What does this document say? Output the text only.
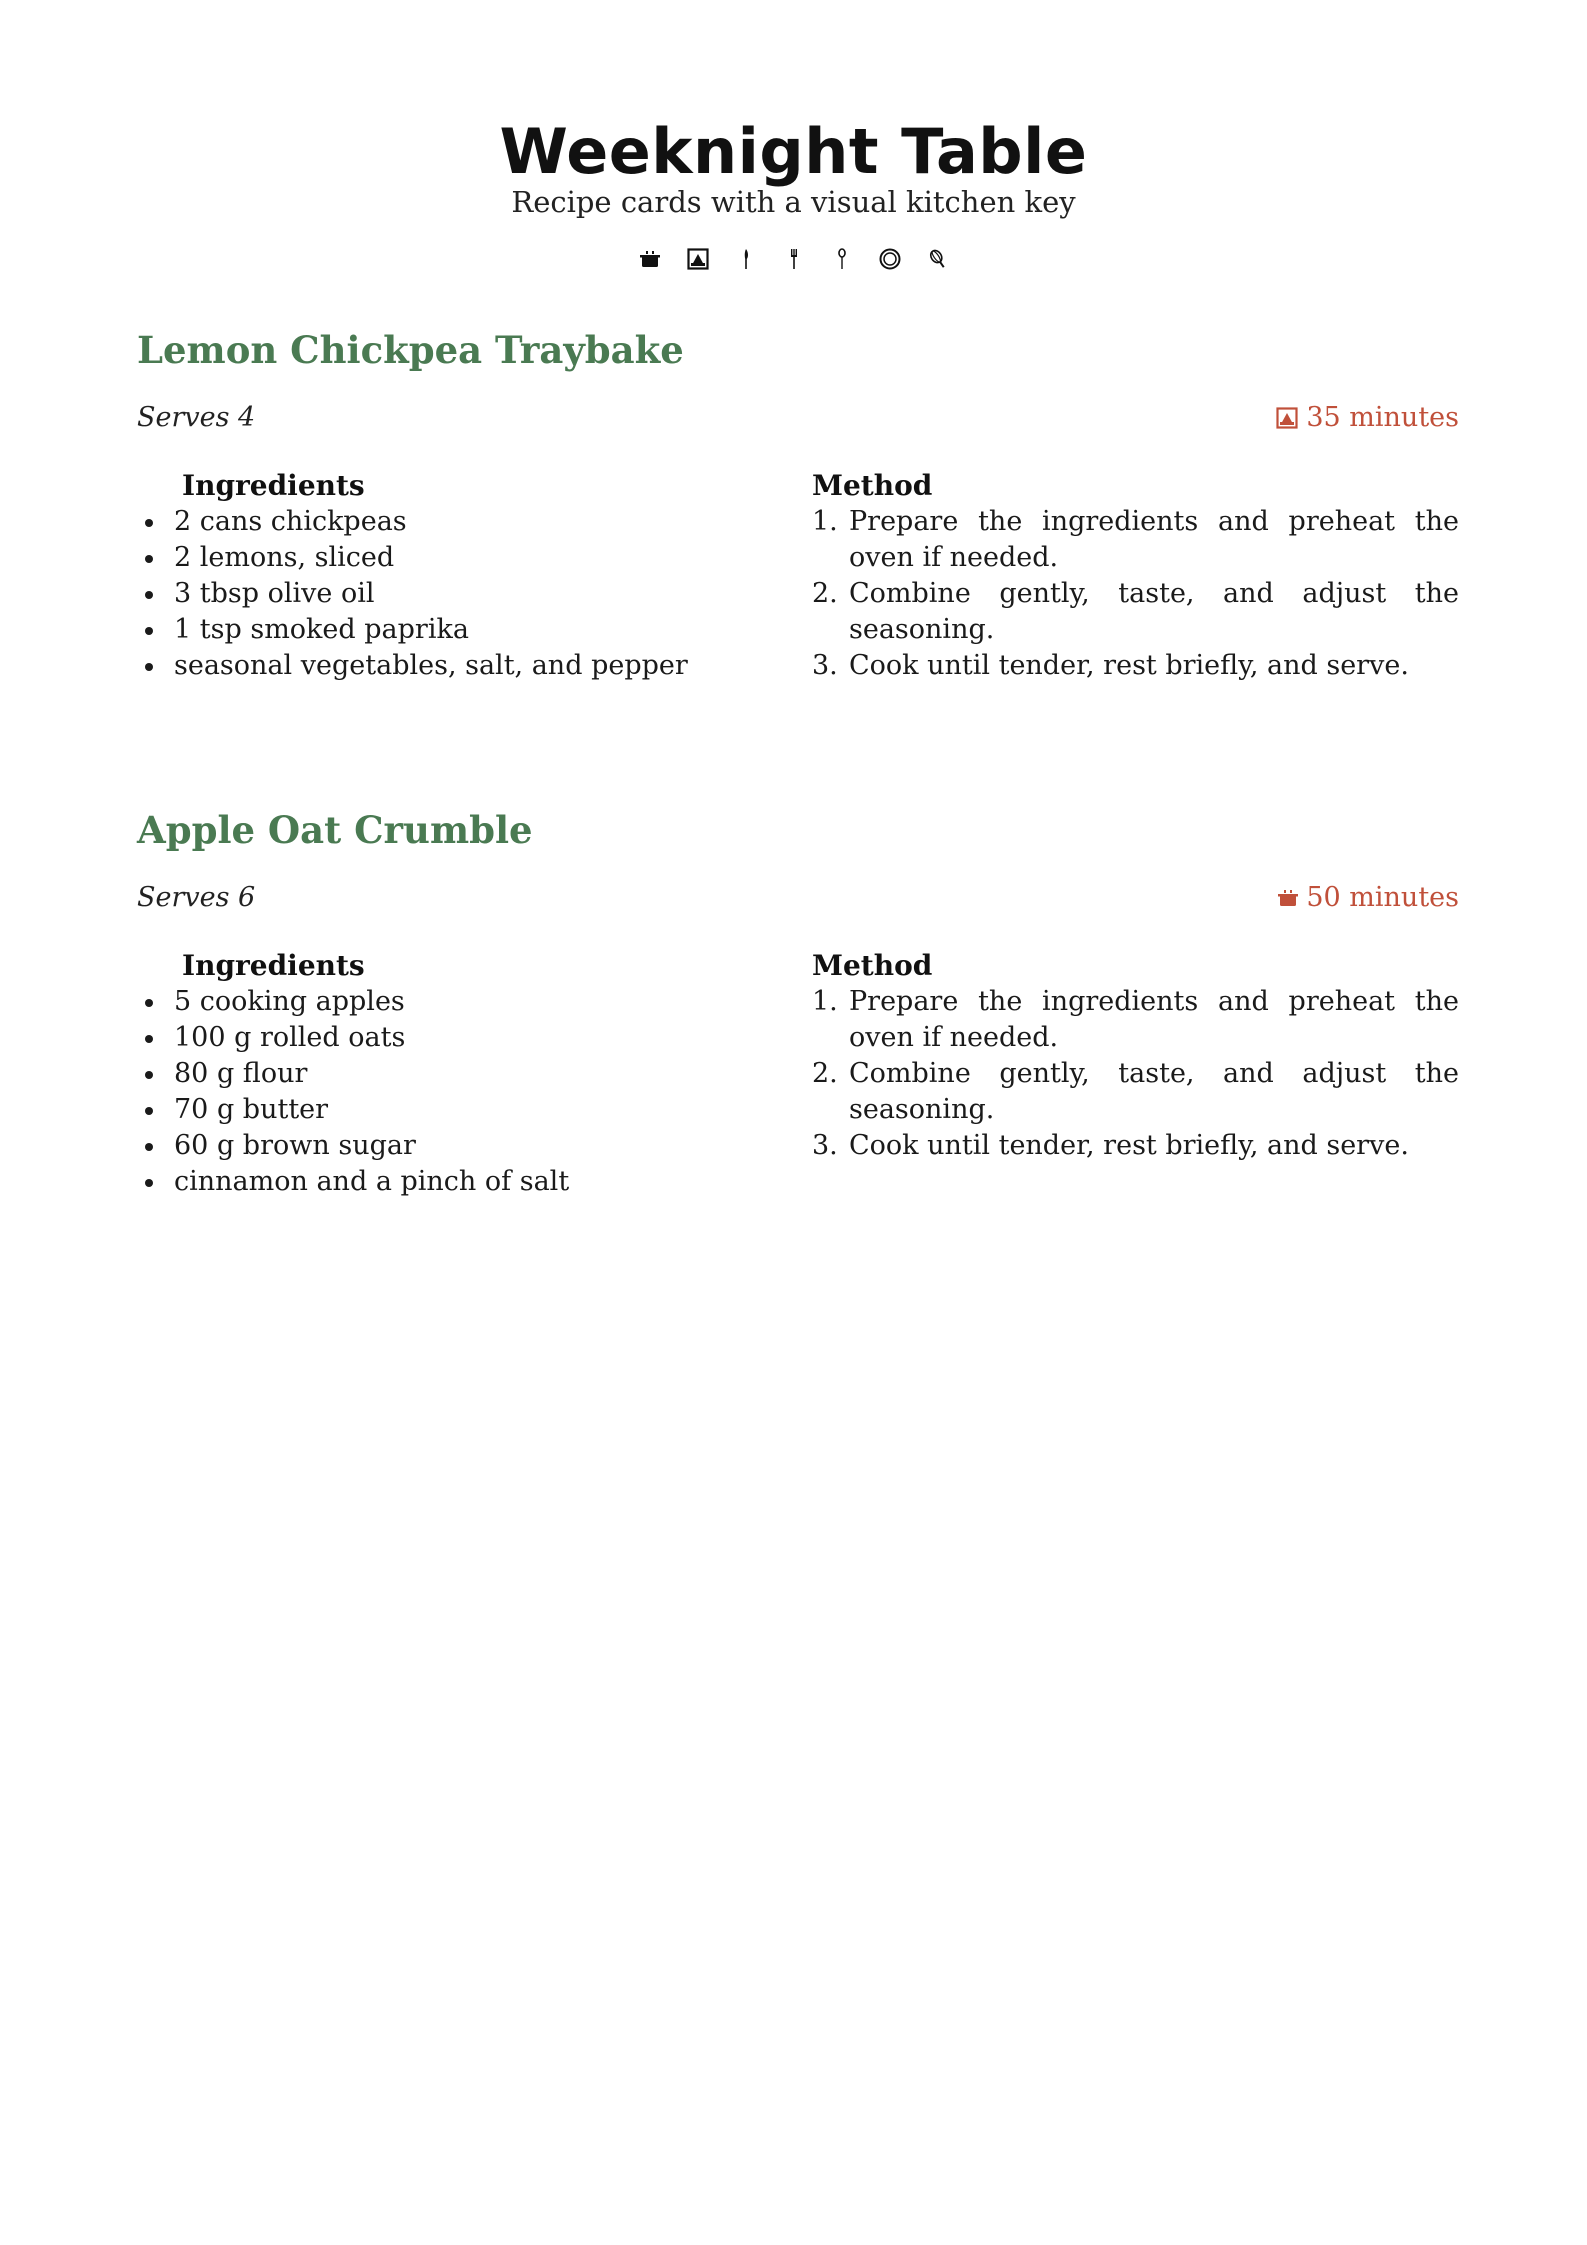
Weeknight Table
Recipe cards with a visual kitchen key
Lemon Chickpea Traybake
Serves 4	35 minutes
Ingredients
2 cans chickpeas
2 lemons, sliced
3 tbsp olive oil
1 tsp smoked paprika
seasonal vegetables, salt, and pepper
Method
1. Prepare the ingredients and preheat the oven if needed.
2. Combine gently, taste, and adjust the seasoning.
3. Cook until tender, rest briefly, and serve.
Apple Oat Crumble
Serves 6	50 minutes
Ingredients
5 cooking apples
100 g rolled oats
80 g flour
70 g butter
60 g brown sugar
cinnamon and a pinch of salt
Method
1. Prepare the ingredients and preheat the oven if needed.
2. Combine gently, taste, and adjust the seasoning.
3. Cook until tender, rest briefly, and serve.
